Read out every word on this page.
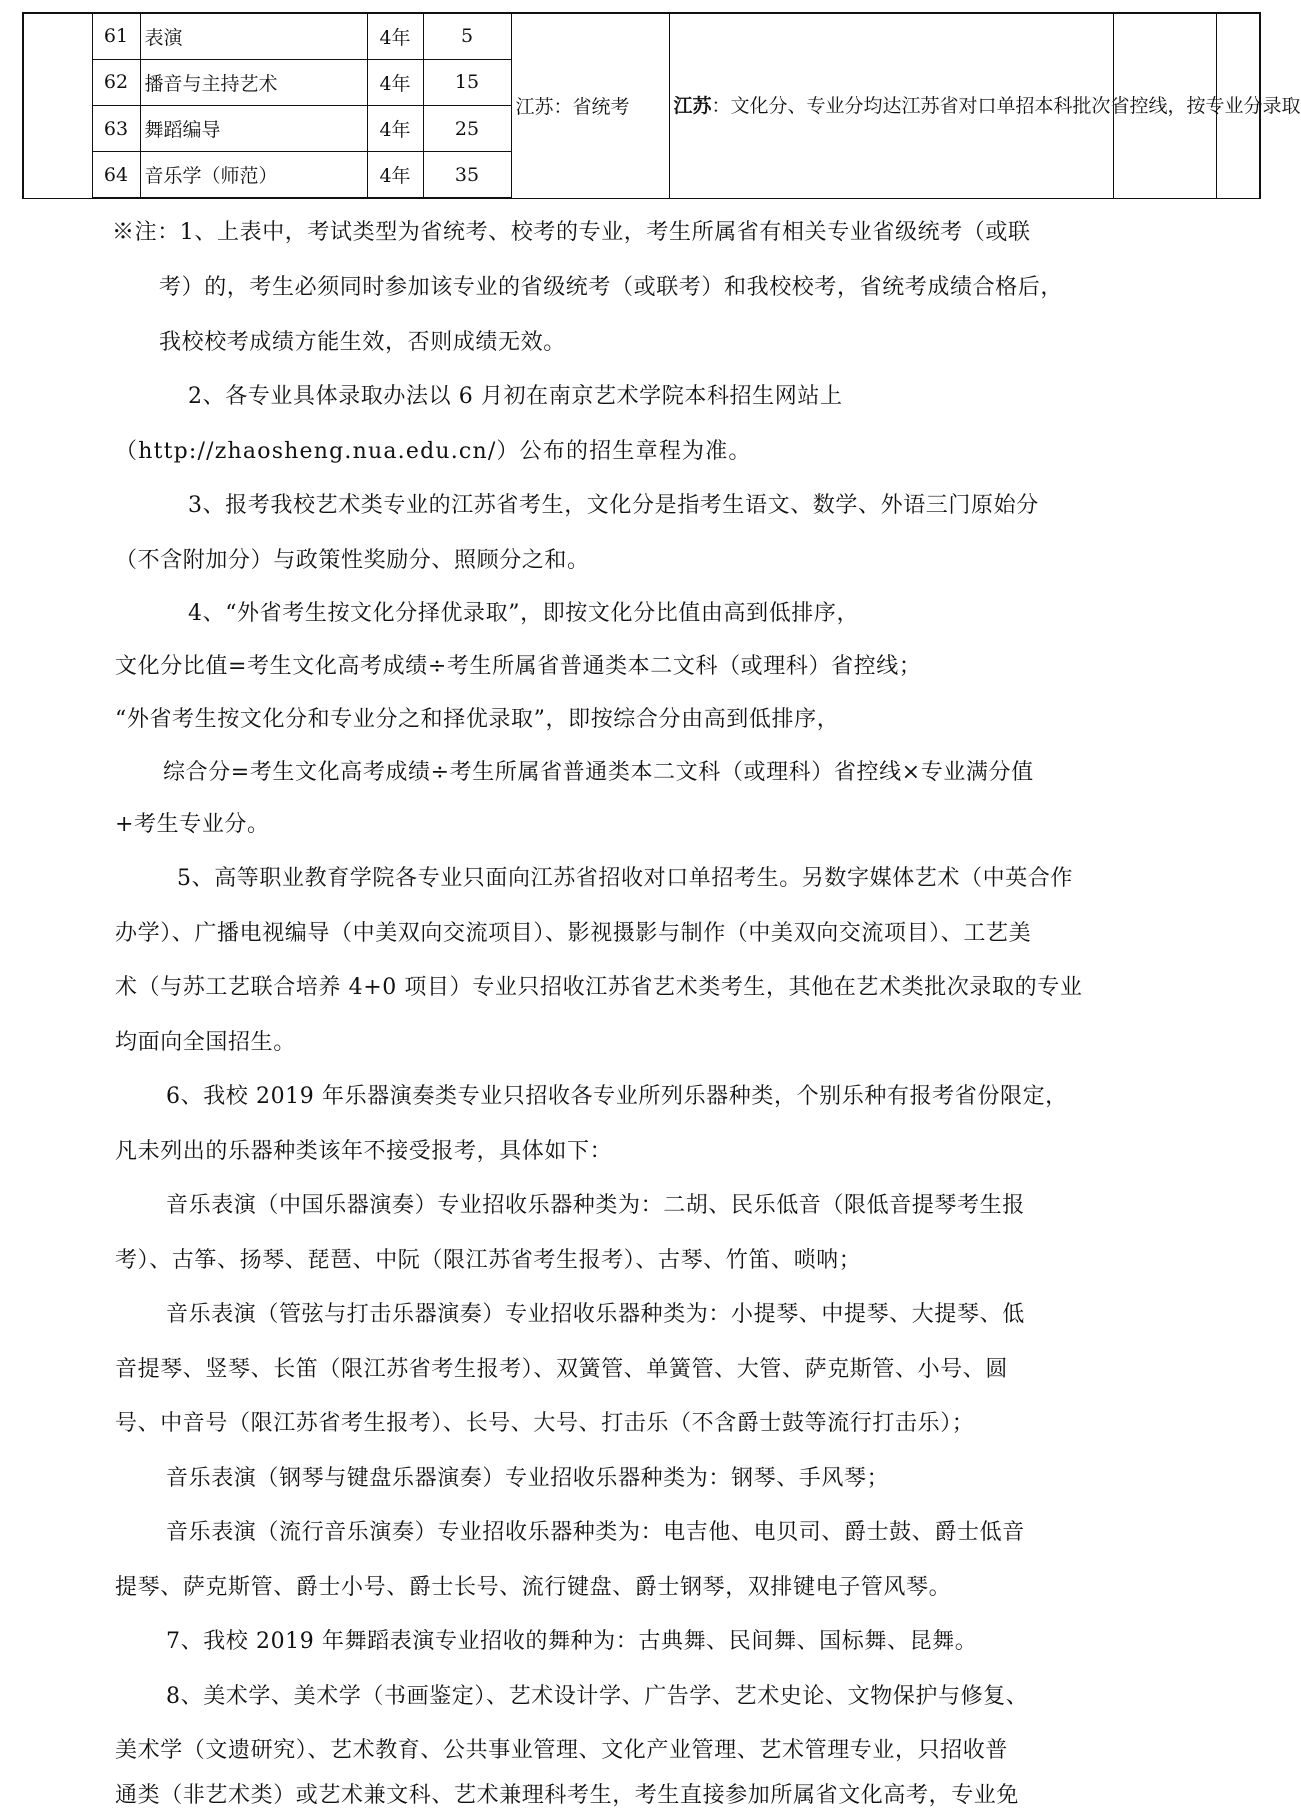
	61	表演	4年	5	江苏：省统考	江苏：文化分、专业分均达江苏省对口单招本科批次省控线，按专业分录取		
	62	播音与主持艺术	4年	15				
	63	舞蹈编导	4年	25				
	64	音乐学（师范）	4年	35				
※注：1、上表中，考试类型为省统考、校考的专业，考生所属省有相关专业省级统考（或联
考）的，考生必须同时参加该专业的省级统考（或联考）和我校校考，省统考成绩合格后，
我校校考成绩方能生效，否则成绩无效。
2、各专业具体录取办法以 6 月初在南京艺术学院本科招生网站上
（http://zhaosheng.nua.edu.cn/）公布的招生章程为准。
3、报考我校艺术类专业的江苏省考生，文化分是指考生语文、数学、外语三门原始分
（不含附加分）与政策性奖励分、照顾分之和。
4、“外省考生按文化分择优录取”，即按文化分比值由高到低排序，
文化分比值=考生文化高考成绩÷考生所属省普通类本二文科（或理科）省控线；
“外省考生按文化分和专业分之和择优录取”，即按综合分由高到低排序，
综合分=考生文化高考成绩÷考生所属省普通类本二文科（或理科）省控线×专业满分值
+考生专业分。
5、高等职业教育学院各专业只面向江苏省招收对口单招考生。另数字媒体艺术（中英合作
办学）、广播电视编导（中美双向交流项目）、影视摄影与制作（中美双向交流项目）、工艺美
术（与苏工艺联合培养 4+0 项目）专业只招收江苏省艺术类考生，其他在艺术类批次录取的专业
均面向全国招生。
6、我校 2019 年乐器演奏类专业只招收各专业所列乐器种类，个别乐种有报考省份限定，
凡未列出的乐器种类该年不接受报考，具体如下：
音乐表演（中国乐器演奏）专业招收乐器种类为：二胡、民乐低音（限低音提琴考生报
考）、古筝、扬琴、琵琶、中阮（限江苏省考生报考）、古琴、竹笛、唢呐；
音乐表演（管弦与打击乐器演奏）专业招收乐器种类为：小提琴、中提琴、大提琴、低
音提琴、竖琴、长笛（限江苏省考生报考）、双簧管、单簧管、大管、萨克斯管、小号、圆
号、中音号（限江苏省考生报考）、长号、大号、打击乐（不含爵士鼓等流行打击乐）；
音乐表演（钢琴与键盘乐器演奏）专业招收乐器种类为：钢琴、手风琴；
音乐表演（流行音乐演奏）专业招收乐器种类为：电吉他、电贝司、爵士鼓、爵士低音
提琴、萨克斯管、爵士小号、爵士长号、流行键盘、爵士钢琴，双排键电子管风琴。
7、我校 2019 年舞蹈表演专业招收的舞种为：古典舞、民间舞、国标舞、昆舞。
8、美术学、美术学（书画鉴定）、艺术设计学、广告学、艺术史论、文物保护与修复、
美术学（文遗研究）、艺术教育、公共事业管理、文化产业管理、艺术管理专业，只招收普
通类（非艺术类）或艺术兼文科、艺术兼理科考生，考生直接参加所属省文化高考，专业免
